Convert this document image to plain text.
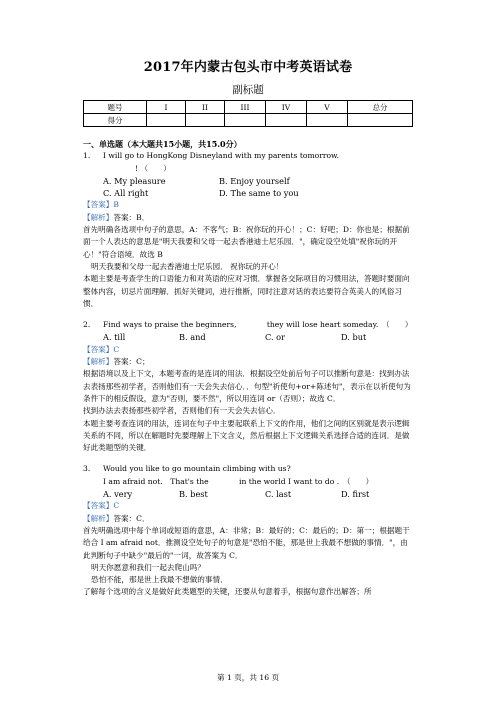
2017年内蒙古包头市中考英语试卷
副标题
题号	I	II	III	IV	V	总分
得分						
一、单选题（本大题共15小题，共15.0分）
1.	I will go to HongKong Disneyland with my parents tomorrow.
! （　　）
A. My pleasure	B. Enjoy yourself
C. All right	D. The same to you
【答案】B
【解析】答案：B．
首先明确各选项中句子的意思，A：不客气；B：祝你玩的开心！；C：好吧；D：你也是；根据前面一个人表达的意思是"明天我要和父母一起去香港迪士尼乐园．"，确定设空处填"祝你玩的开心！"符合语境．故选 B
明天我要和父母一起去香港迪士尼乐园． 祝你玩的开心！
本题主要是考查学生的口语能力和对英语的应对习惯．掌握各交际项目的习惯用法，答题时要面向整体内容，切忌片面理解．抓好关键词，进行推断，同时注意对话的表达要符合英美人的风俗习惯．
2.	Find ways to praise the beginners,　　　　they will lose heart someday.　（　　）
A. till	B. and	C. or	D. but
【答案】C
【解析】答案：C；
根据语境以及上下文，本题考查的是连词的用法．根据设空处前后句子可以推断句意是：找到办法去表扬那些初学者，否则他们有一天会失去信心．．句型"祈使句+or+陈述句"，表示在以祈使句为条件下的相反假设，意为"否则，要不然"，所以用连词 or（否则）；故选 C．
找到办法去表扬那些初学者，否则他们有一天会失去信心．
本题主要考查连词的用法，连词在句子中主要起联系上下文的作用，他们之间的区别就是表示逻辑关系的不同，所以在解题时先要理解上下文含义，然后根据上下文逻辑关系选择合适的连词．是做好此类题型的关键．
3.	Would you like to go mountain climbing with us?
I am afraid not.　That's the　　　　in the world I want to do .　（　　）
A. very	B. best	C. last	D. first
【答案】C
【解析】答案：C．
首先明确选项中每个单词或短语的意思，A：非常；B：最好的；C：最后的；D：第一；根据题干给合 I am afraid not．推测设空处句子的句意是"恐怕不能，那是世上我最不想做的事情．"，由此判断句子中缺少"最后的"一词，故答案为 C．
明天你愿意和我们一起去爬山吗？
恐怕不能，那是世上我最不想做的事情．
了解每个选项的含义是做好此类题型的关键，还要从句意着手，根据句意作出解答；所
第 1 页，共 16 页
